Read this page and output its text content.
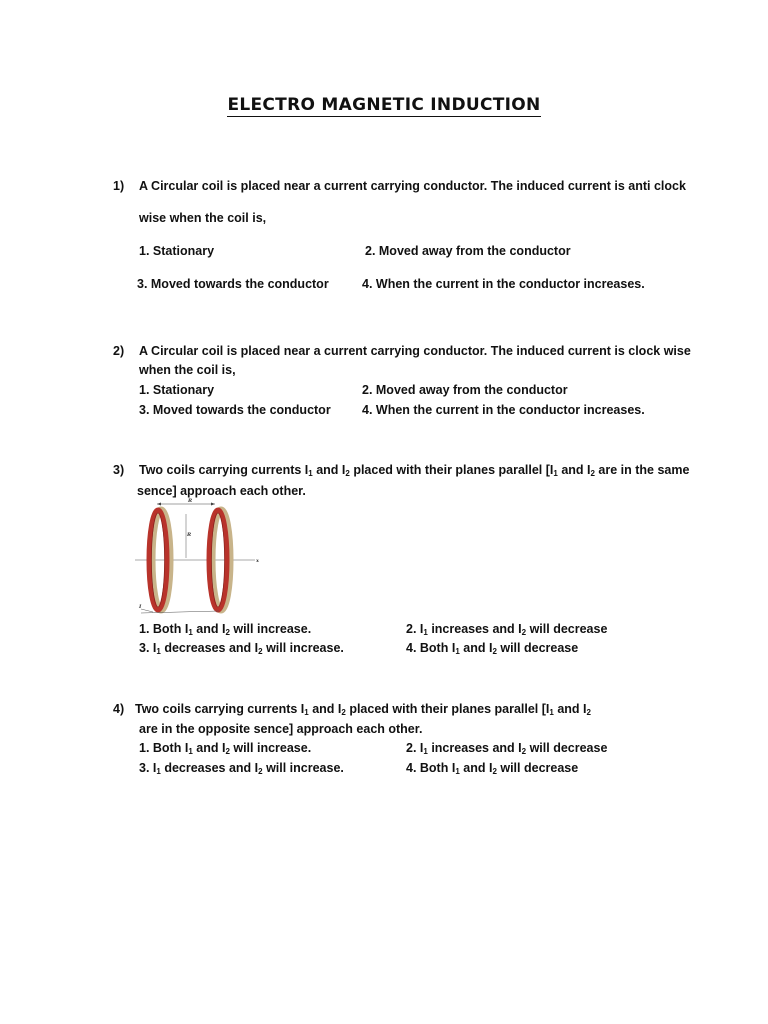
ELECTRO MAGNETIC INDUCTION
1) A Circular coil is placed near a current carrying conductor. The induced current is anti clock
wise when the coil is,
1. Stationary	2. Moved away from the conductor
3. Moved towards the conductor	4. When the current in the conductor increases.
2) A Circular coil is placed near a current carrying conductor. The induced current is clock wise
when the coil is,
1. Stationary	2. Moved away from the conductor
3. Moved towards the conductor	4. When the current in the conductor increases.
3) Two coils carrying currents $I_1$ and $I_2$ placed with their planes parallel [$I_1$ and $I_2$ are in the same
sence] approach each other.
R
x
R
I
1. Both $I_1$ and $I_2$ will increase.	2. $I_1$ increases and $I_2$ will decrease
3. $I_1$ decreases and $I_2$ will increase.	4. Both $I_1$ and $I_2$ will decrease
4) Two coils carrying currents $I_1$ and $I_2$ placed with their planes parallel [$I_1$ and $I_2$
are in the opposite sence] approach each other.
1. Both $I_1$ and $I_2$ will increase.	2. $I_1$ increases and $I_2$ will decrease
3. $I_1$ decreases and $I_2$ will increase.	4. Both $I_1$ and $I_2$ will decrease
